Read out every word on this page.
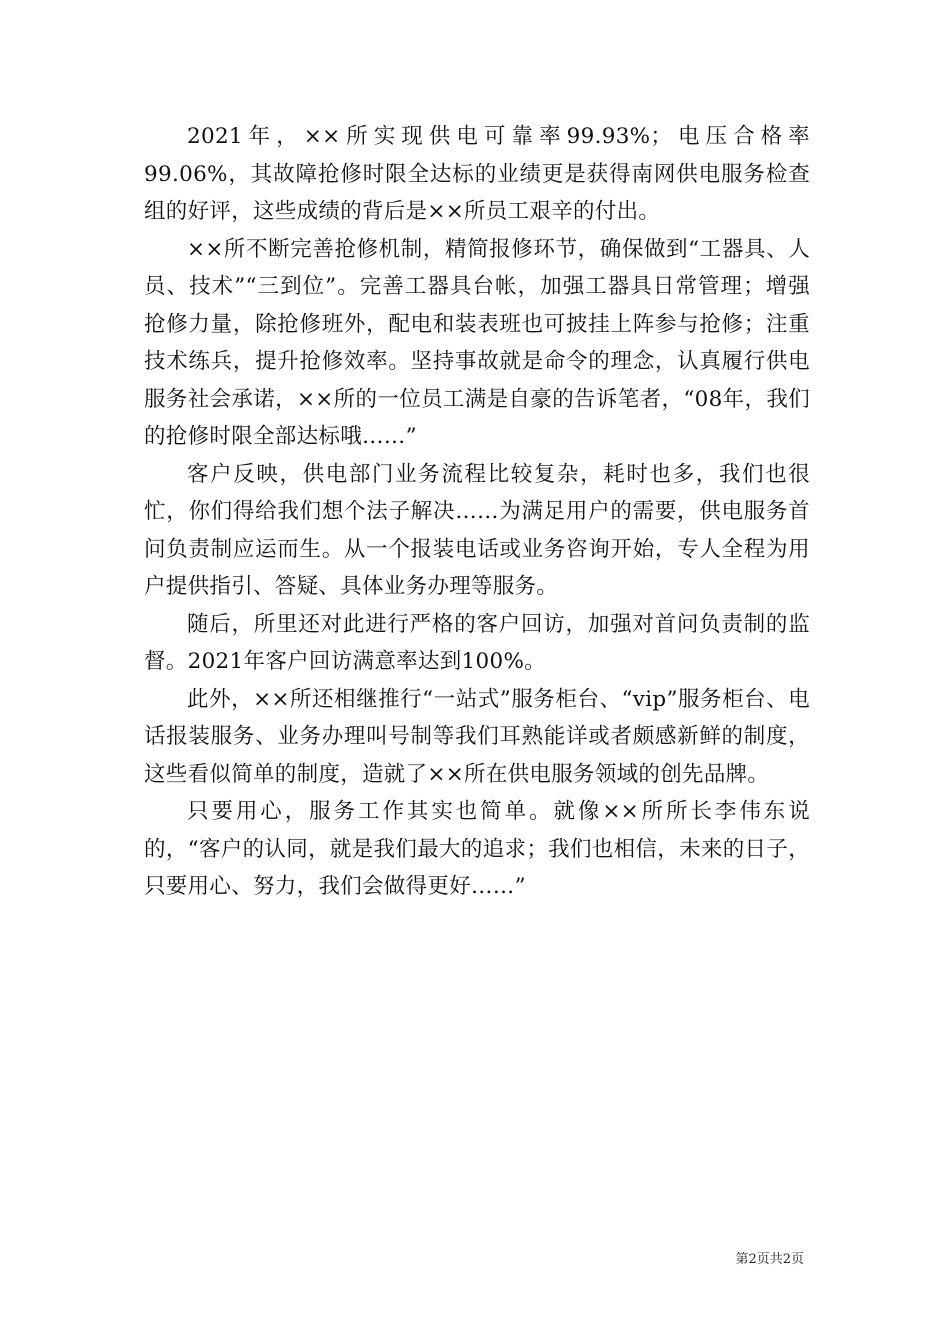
2021年，××所实现供电可靠率99.93%；电压合格率99.06%，其故障抢修时限全达标的业绩更是获得南网供电服务检查组的好评，这些成绩的背后是××所员工艰辛的付出。

××所不断完善抢修机制，精简报修环节，确保做到“工器具、人员、技术”“三到位”。完善工器具台帐，加强工器具日常管理；增强抢修力量，除抢修班外，配电和装表班也可披挂上阵参与抢修；注重技术练兵，提升抢修效率。坚持事故就是命令的理念，认真履行供电服务社会承诺，××所的一位员工满是自豪的告诉笔者，“08年，我们的抢修时限全部达标哦……”

客户反映，供电部门业务流程比较复杂，耗时也多，我们也很忙，你们得给我们想个法子解决……为满足用户的需要，供电服务首问负责制应运而生。从一个报装电话或业务咨询开始，专人全程为用户提供指引、答疑、具体业务办理等服务。

随后，所里还对此进行严格的客户回访，加强对首问负责制的监督。2021年客户回访满意率达到100%。

此外，××所还相继推行“一站式”服务柜台、“vip”服务柜台、电话报装服务、业务办理叫号制等我们耳熟能详或者颇感新鲜的制度，这些看似简单的制度，造就了××所在供电服务领域的创先品牌。

只要用心，服务工作其实也简单。就像××所所长李伟东说的，“客户的认同，就是我们最大的追求；我们也相信，未来的日子，只要用心、努力，我们会做得更好……”

第2页共2页
